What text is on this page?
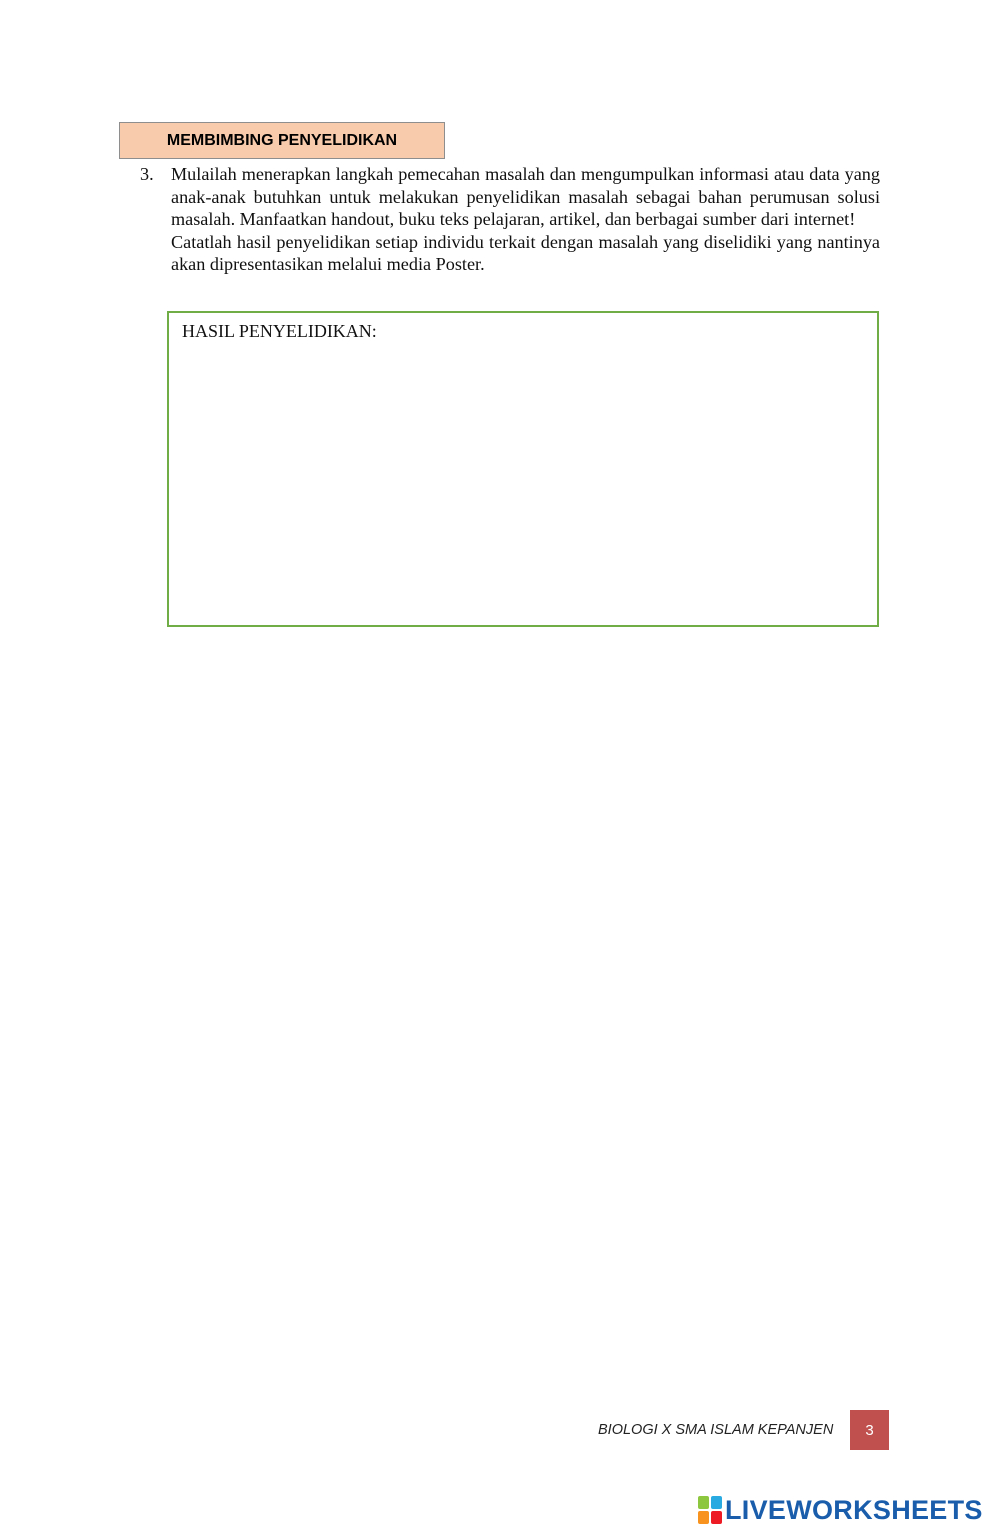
MEMBIMBING PENYELIDIKAN
3. Mulailah menerapkan langkah pemecahan masalah dan mengumpulkan informasi atau data yang anak-anak butuhkan untuk melakukan penyelidikan masalah sebagai bahan perumusan solusi masalah. Manfaatkan handout, buku teks pelajaran, artikel, dan berbagai sumber dari internet!

Catatlah hasil penyelidikan setiap individu terkait dengan masalah yang diselidiki yang nantinya akan dipresentasikan melalui media Poster.

HASIL PENYELIDIKAN:
BIOLOGI X SMA ISLAM KEPANJEN 3
LIVEWORKSHEETS
